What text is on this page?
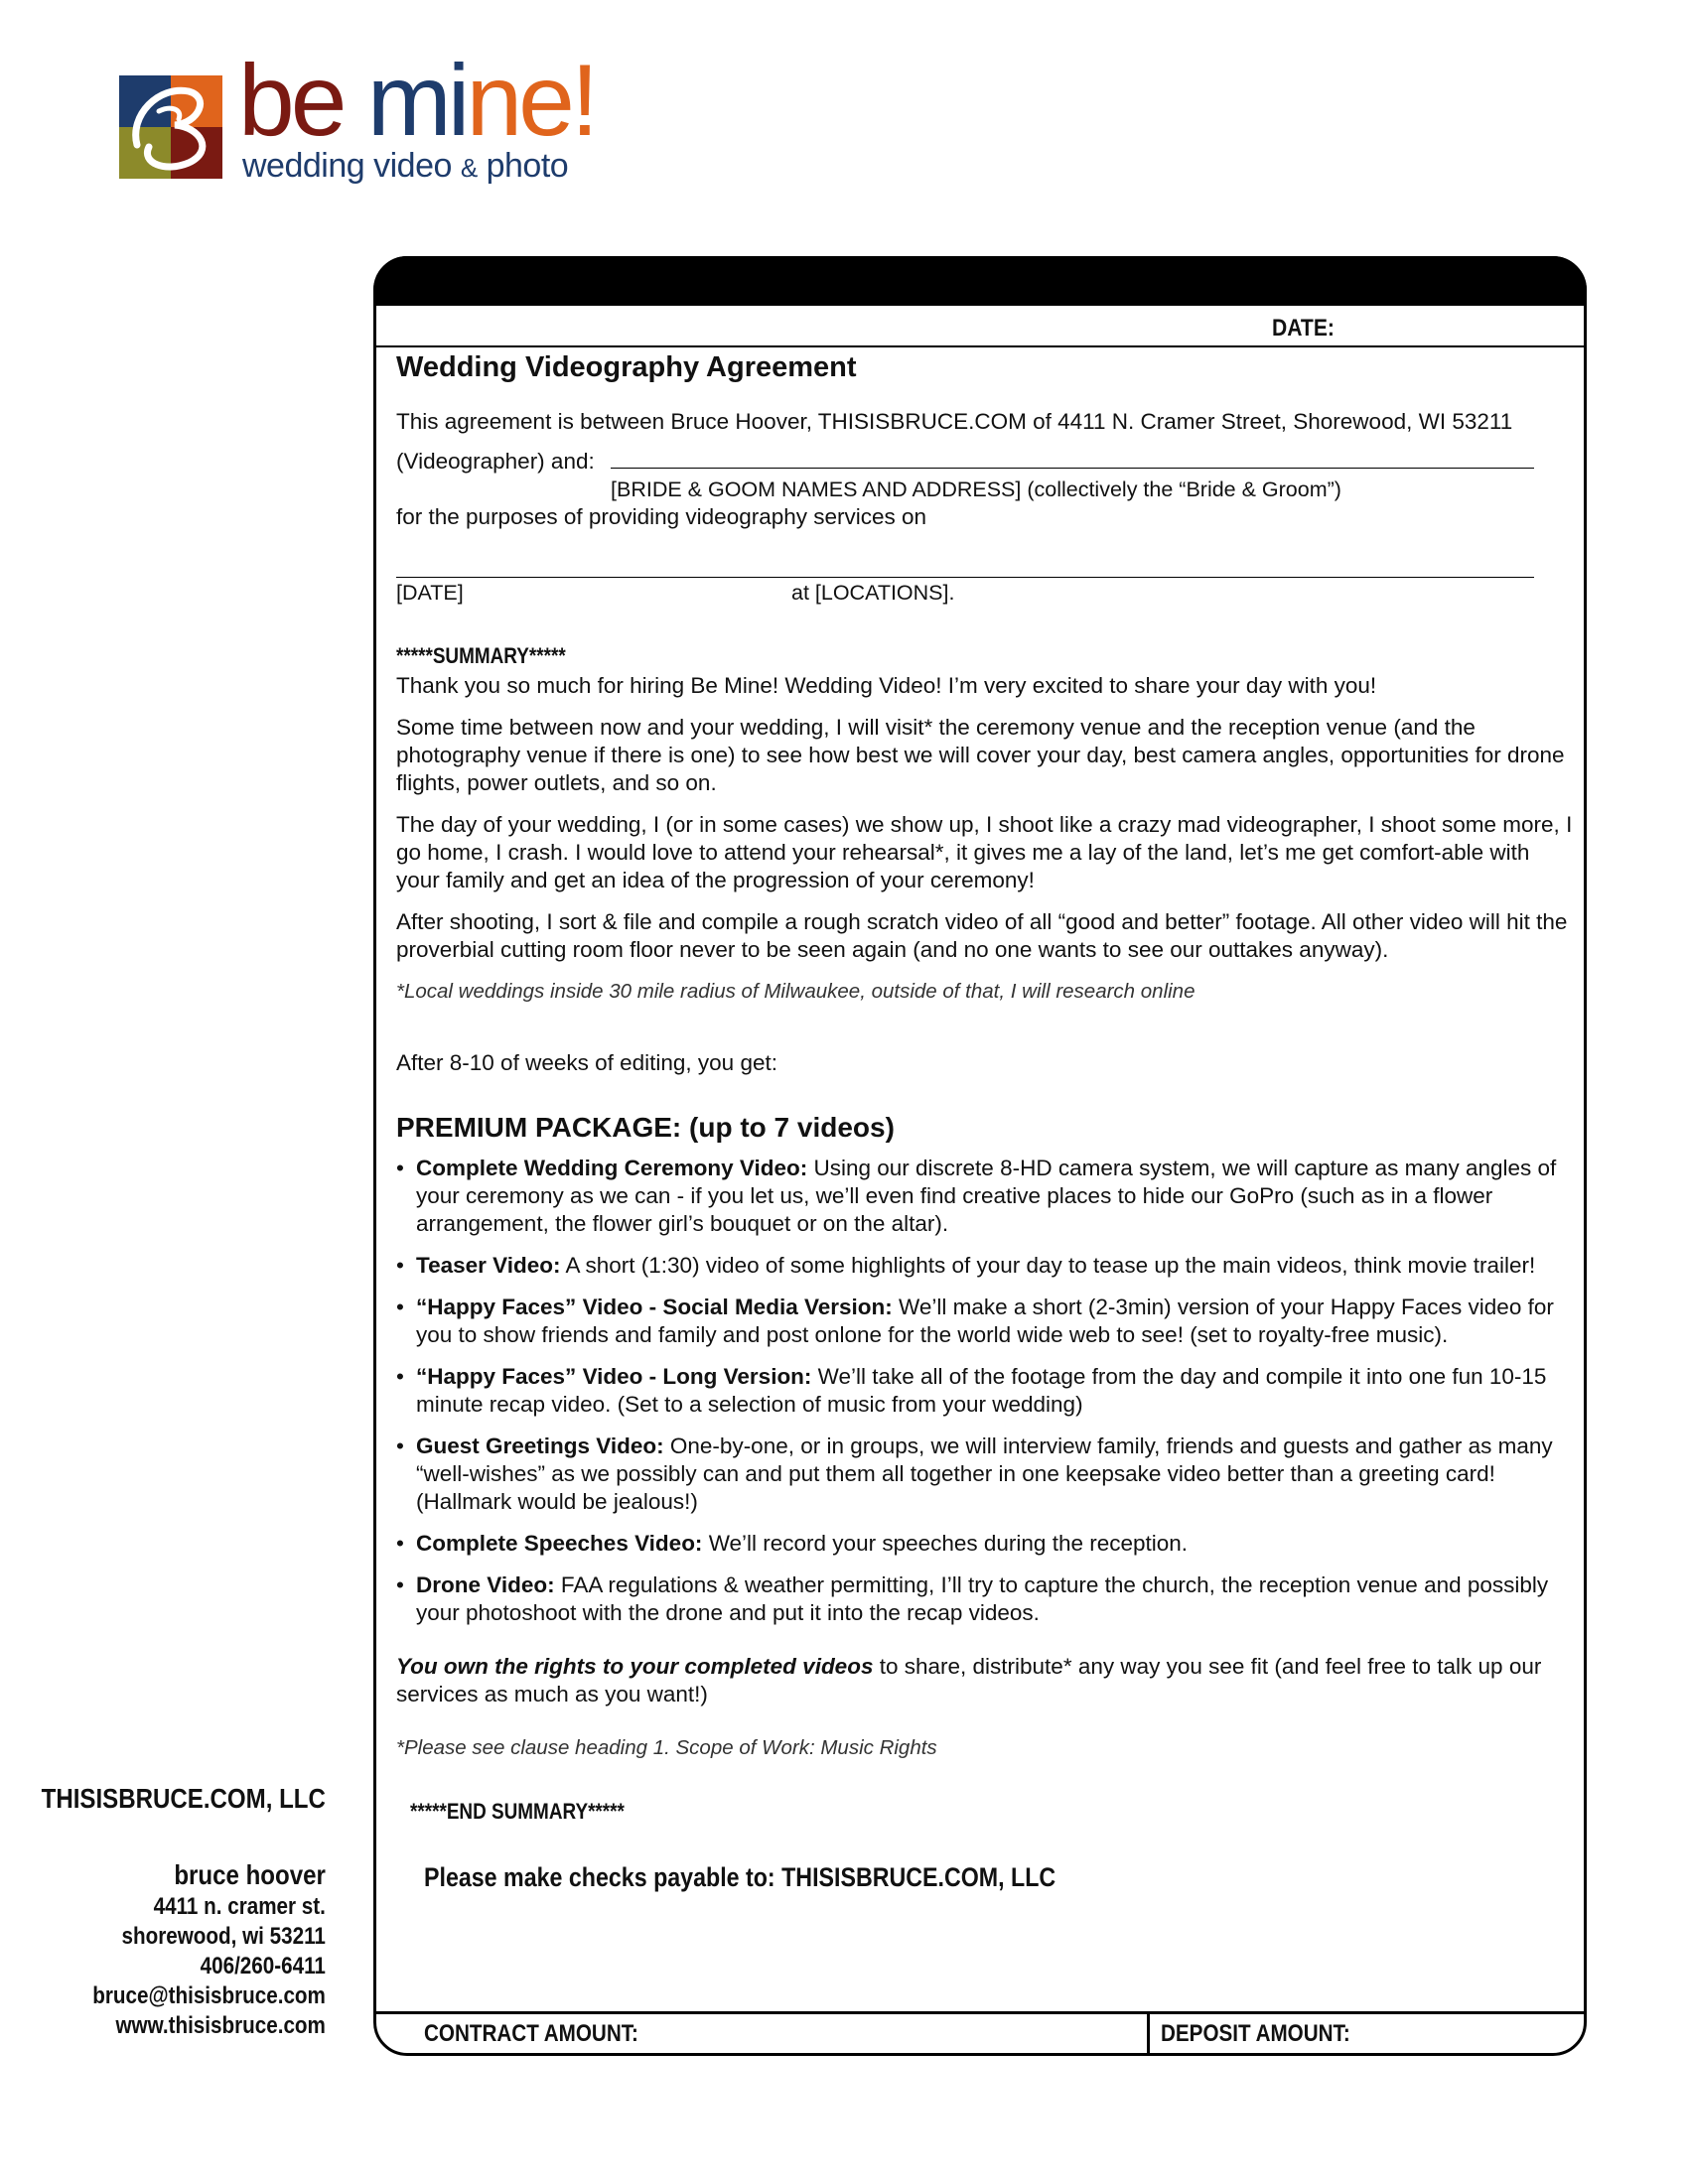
be mine!
wedding video & photo
THISISBRUCE.COM, LLC
bruce hoover
4411 n. cramer st.
shorewood, wi 53211
406/260-6411
bruce@thisisbruce.com
www.thisisbruce.com
DATE:
Wedding Videography Agreement

This agreement is between Bruce Hoover, THISISBRUCE.COM of 4411 N. Cramer Street, Shorewood, WI 53211

(Videographer) and:
[BRIDE & GOOM NAMES AND ADDRESS] (collectively the “Bride & Groom”)

for the purposes of providing videography services on

[DATE]	at [LOCATIONS].
*****SUMMARY*****

Thank you so much for hiring Be Mine! Wedding Video! I’m very excited to share your day with you!

Some time between now and your wedding, I will visit* the ceremony venue and the reception venue (and the photography venue if there is one) to see how best we will cover your day, best camera angles, opportunities for drone flights, power outlets, and so on.

The day of your wedding, I (or in some cases) we show up, I shoot like a crazy mad videographer, I shoot some more, I go home, I crash. I would love to attend your rehearsal*, it gives me a lay of the land, let’s me get comfort-able with your family and get an idea of the progression of your ceremony!

After shooting, I sort & file and compile a rough scratch video of all “good and better” footage. All other video will hit the proverbial cutting room floor never to be seen again (and no one wants to see our outtakes anyway).

*Local weddings inside 30 mile radius of Milwaukee, outside of that, I will research online

After 8-10 of weeks of editing, you get:

PREMIUM PACKAGE: (up to 7 videos)
• Complete Wedding Ceremony Video: Using our discrete 8-HD camera system, we will capture as many angles of your ceremony as we can - if you let us, we’ll even find creative places to hide our GoPro (such as in a flower arrangement, the flower girl’s bouquet or on the altar).
• Teaser Video: A short (1:30) video of some highlights of your day to tease up the main videos, think movie trailer!
• “Happy Faces” Video - Social Media Version: We’ll make a short (2-3min) version of your Happy Faces video for you to show friends and family and post onlone for the world wide web to see! (set to royalty-free music).
• “Happy Faces” Video - Long Version: We’ll take all of the footage from the day and compile it into one fun 10-15 minute recap video. (Set to a selection of music from your wedding)
• Guest Greetings Video: One-by-one, or in groups, we will interview family, friends and guests and gather as many “well-wishes” as we possibly can and put them all together in one keepsake video better than a greeting card! (Hallmark would be jealous!)
• Complete Speeches Video: We’ll record your speeches during the reception.
• Drone Video: FAA regulations & weather permitting, I’ll try to capture the church, the reception venue and possibly your photoshoot with the drone and put it into the recap videos.

You own the rights to your completed videos to share, distribute* any way you see fit (and feel free to talk up our services as much as you want!)

*Please see clause heading 1. Scope of Work: Music Rights

*****END SUMMARY*****
Please make checks payable to: THISISBRUCE.COM, LLC
CONTRACT AMOUNT:	DEPOSIT AMOUNT:
